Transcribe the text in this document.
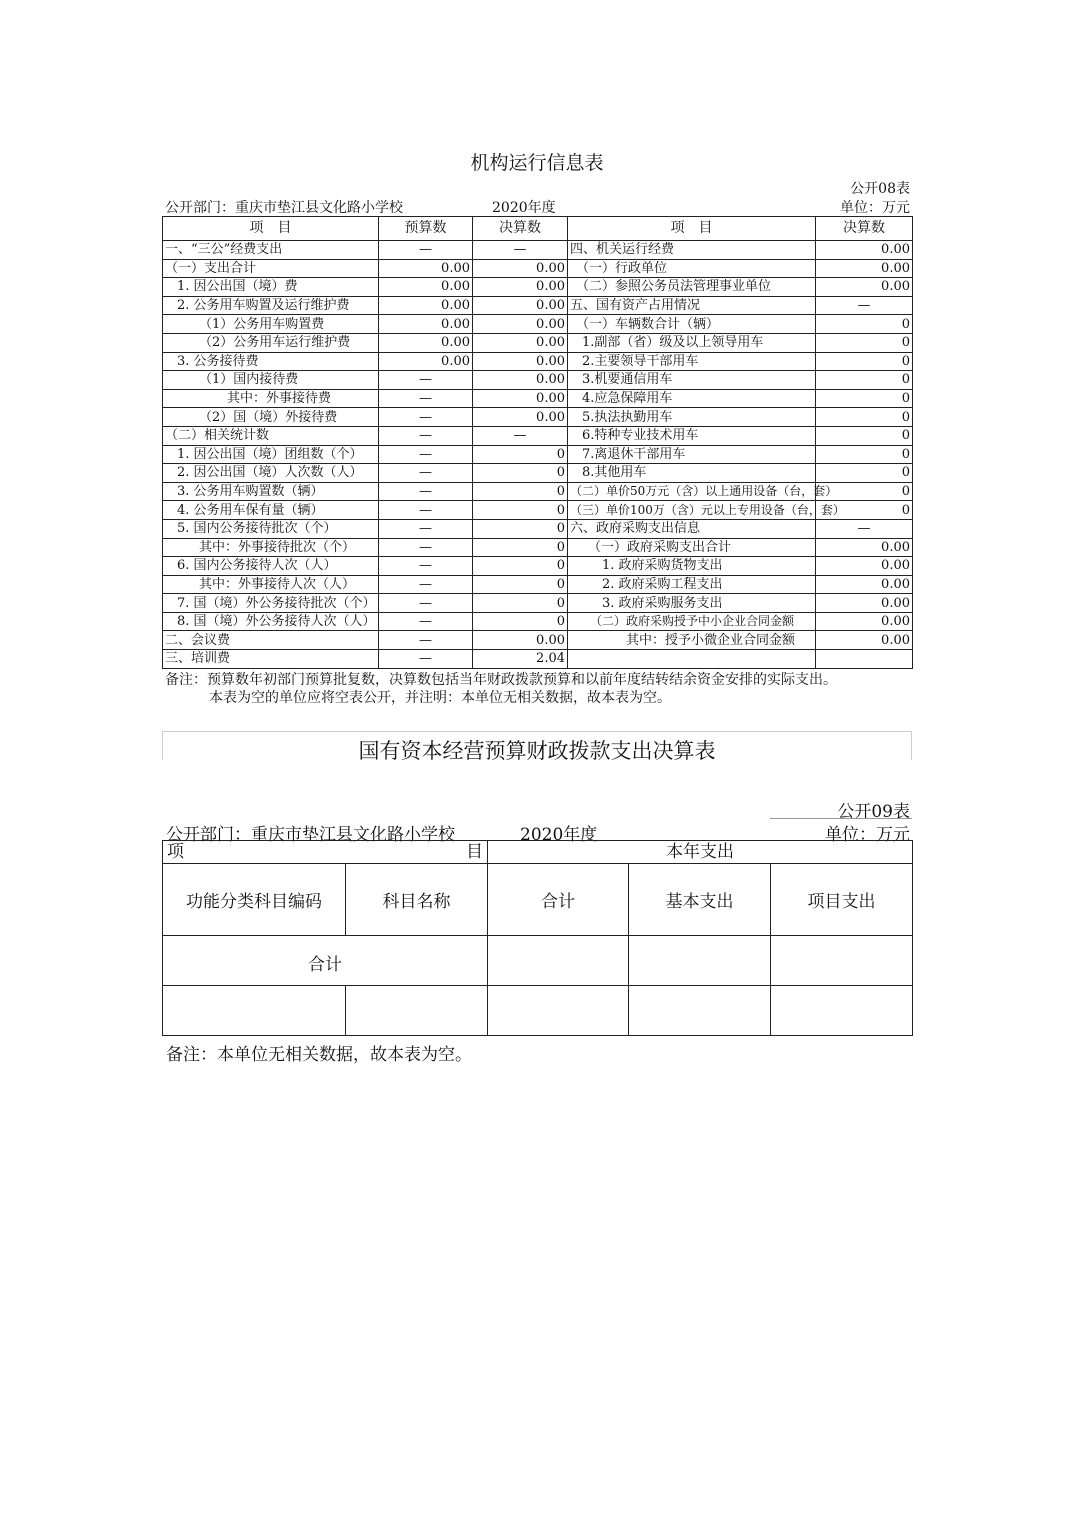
机构运行信息表
公开08表
公开部门：重庆市垫江县文化路小学校	2020年度	单位：万元
项　目	预算数	决算数	项　目	决算数
一、“三公”经费支出	—	—	四、机关运行经费	0.00
（一）支出合计	0.00	0.00	（一）行政单位	0.00
1. 因公出国（境）费	0.00	0.00	（二）参照公务员法管理事业单位	0.00
2. 公务用车购置及运行维护费	0.00	0.00	五、国有资产占用情况	—
（1）公务用车购置费	0.00	0.00	（一）车辆数合计（辆）	0
（2）公务用车运行维护费	0.00	0.00	1.副部（省）级及以上领导用车	0
3. 公务接待费	0.00	0.00	2.主要领导干部用车	0
（1）国内接待费	—	0.00	3.机要通信用车	0
其中：外事接待费	—	0.00	4.应急保障用车	0
（2）国（境）外接待费	—	0.00	5.执法执勤用车	0
（二）相关统计数	—	—	6.特种专业技术用车	0
1. 因公出国（境）团组数（个）	—	0	7.离退休干部用车	0
2. 因公出国（境）人次数（人）	—	0	8.其他用车	0
3. 公务用车购置数（辆）	—	0	（二）单价50万元（含）以上通用设备（台，套）	0
4. 公务用车保有量（辆）	—	0	（三）单价100万（含）元以上专用设备（台，套）	0
5. 国内公务接待批次（个）	—	0	六、政府采购支出信息	—
其中：外事接待批次（个）	—	0	（一）政府采购支出合计	0.00
6. 国内公务接待人次（人）	—	0	1. 政府采购货物支出	0.00
其中：外事接待人次（人）	—	0	2. 政府采购工程支出	0.00
7. 国（境）外公务接待批次（个）	—	0	3. 政府采购服务支出	0.00
8. 国（境）外公务接待人次（人）	—	0	（二）政府采购授予中小企业合同金额	0.00
二、会议费	—	0.00	其中：授予小微企业合同金额	0.00
三、培训费	—	2.04		
备注：预算数年初部门预算批复数，决算数包括当年财政拨款预算和以前年度结转结余资金安排的实际支出。
本表为空的单位应将空表公开，并注明：本单位无相关数据，故本表为空。
国有资本经营预算财政拨款支出决算表
公开09表
公开部门：重庆市垫江县文化路小学校	2020年度	单位：万元
项 目		本年支出		
功能分类科目编码	科目名称	合计	基本支出	项目支出
合计				

备注：本单位无相关数据，故本表为空。
